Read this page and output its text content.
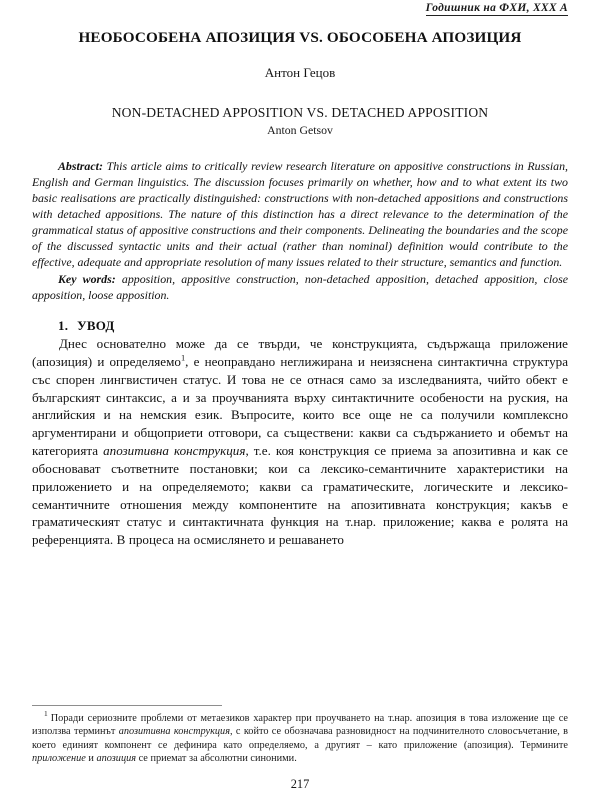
Годишник на ФХИ, XXX А
НЕОБОСОБЕНА АПОЗИЦИЯ VS. ОБОСОБЕНА АПОЗИЦИЯ
Антон Гецов
NON-DETACHED APPOSITION VS. DETACHED APPOSITION
Anton Getsov
Abstract: This article aims to critically review research literature on appositive constructions in Russian, English and German linguistics. The discussion focuses primarily on whether, how and to what extent its two basic realisations are practically distinguished: constructions with non-detached appositions and constructions with detached appositions. The nature of this distinction has a direct relevance to the determination of the grammatical status of appositive constructions and their components. Delineating the boundaries and the scope of the discussed syntactic units and their actual (rather than nominal) definition would contribute to the effective, adequate and appropriate resolution of many issues related to their structure, semantics and function.
Key words: apposition, appositive construction, non-detached apposition, detached apposition, close apposition, loose apposition.
1. УВОД
Днес основателно може да се твърди, че конструкцията, съдържаща приложение (апозиция) и определяемо$^1$, е неоправдано неглижирана и неизяснена синтактична структура със спорен лингвистичен статус. И това не се отнася само за изследванията, чийто обект е българският синтаксис, а и за проучванията върху синтактичните особености на руския, на английския и на немския език. Въпросите, които все още не са получили комплексно аргументирани и общоприети отговори, са съществени: какви са съдържанието и обемът на категорията апозитивна конструкция, т.е. коя конструкция се приема за апозитивна и как се обосновават съответните постановки; кои са лексико-семантичните характеристики на приложението и на определяемото; какви са граматическите, логическите и лексико-семантичните отношения между компонентите на апозитивната конструкция; какъв е граматическият статус и синтактичната функция на т.нар. приложение; каква е ролята на референцията. В процеса на осмислянето и решаването
$^1$ Поради сериозните проблеми от метаезиков характер при проучването на т.нар. апозиция в това изложение ще се използва терминът апозитивна конструкция, с който се обозначава разновидност на подчинителното словосъчетание, в което единият компонент се дефинира като определяемо, а другият – като приложение (апозиция). Термините приложение и апозиция се приемат за абсолютни синоними.
217
